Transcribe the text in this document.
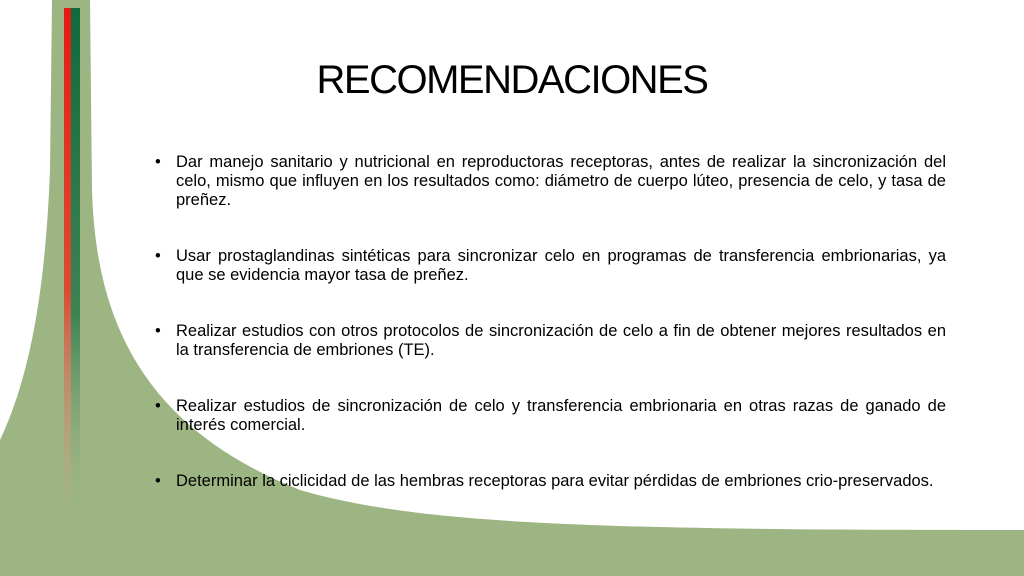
RECOMENDACIONES
• Dar manejo sanitario y nutricional en reproductoras receptoras, antes de realizar la sincronización del celo, mismo que influyen en los resultados como: diámetro de cuerpo lúteo, presencia de celo, y tasa de preñez.
• Usar prostaglandinas sintéticas para sincronizar celo en programas de transferencia embrionarias, ya que se evidencia mayor tasa de preñez.
• Realizar estudios con otros protocolos de sincronización de celo a fin de obtener mejores resultados en la transferencia de embriones (TE).
• Realizar estudios de sincronización de celo y transferencia embrionaria en otras razas de ganado de interés comercial.
• Determinar la ciclicidad de las hembras receptoras para evitar pérdidas de embriones crio-preservados.
